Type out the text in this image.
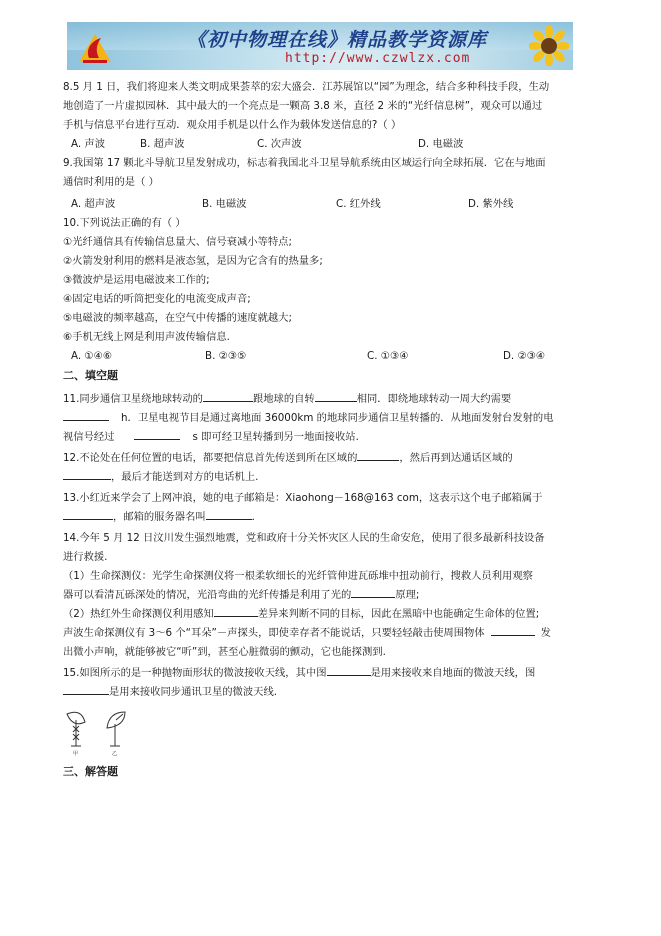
《初中物理在线》精品教学资源库
http://www.czwlzx.com
8.5 月 1 日，我们将迎来人类文明成果荟萃的宏大盛会．江苏展馆以“园”为理念，结合多种科技手段，生动
地创造了一片虚拟园林．其中最大的一个亮点是一颗高 3.8 米，直径 2 米的“光纤信息树”，观众可以通过
手机与信息平台进行互动．观众用手机是以什么作为载体发送信息的?（ ）
A. 声波	B. 超声波	C. 次声波	D. 电磁波
9.我国第 17 颗北斗导航卫星发射成功，标志着我国北斗卫星导航系统由区域运行向全球拓展．它在与地面
通信时利用的是（ ）
A. 超声波	B. 电磁波	C. 红外线	D. 紫外线
10.下列说法正确的有（ ）
①光纤通信具有传输信息量大、信号衰减小等特点;
②火箭发射利用的燃料是液态氢，是因为它含有的热量多;
③微波炉是运用电磁波来工作的;
④固定电话的听筒把变化的电流变成声音;
⑤电磁波的频率越高，在空气中传播的速度就越大;
⑥手机无线上网是利用声波传输信息.
A. ①④⑥	B. ②③⑤	C. ①③④	D. ②③④
二、填空题
11.同步通信卫星绕地球转动的	跟地球的自转	相同．即绕地球转动一周大约需要
h．卫星电视节目是通过离地面 36000km 的地球同步通信卫星转播的．从地面发射台发射的电
视信号经过	s 即可经卫星转播到另一地面接收站.
12.不论处在任何位置的电话，都要把信息首先传送到所在区域的	，然后再到达通话区域的
，最后才能送到对方的电话机上.
13.小红近来学会了上网冲浪，她的电子邮箱是：Xiaohong－168@163 com，这表示这个电子邮箱属于
，邮箱的服务器名叫	．
14.今年 5 月 12 日汶川发生强烈地震，党和政府十分关怀灾区人民的生命安危，使用了很多最新科技设备
进行救援.
（1）生命探测仪：光学生命探测仪将一根柔软细长的光纤管伸进瓦砾堆中扭动前行，搜救人员利用观察
器可以看清瓦砾深处的情况，光沿弯曲的光纤传播是利用了光的	原理;
（2）热红外生命探测仪利用感知	差异来判断不同的目标，因此在黑暗中也能确定生命体的位置;
声波生命探测仪有 3～6 个“耳朵”－声探头，即使幸存者不能说话，只要轻轻敲击使周围物体	发
出微小声响，就能够被它“听”到，甚至心脏微弱的颤动，它也能探测到.
15.如图所示的是一种抛物面形状的微波接收天线，其中图	是用来接收来自地面的微波天线，图
是用来接收同步通讯卫星的微波天线.
甲	乙
三、解答题
